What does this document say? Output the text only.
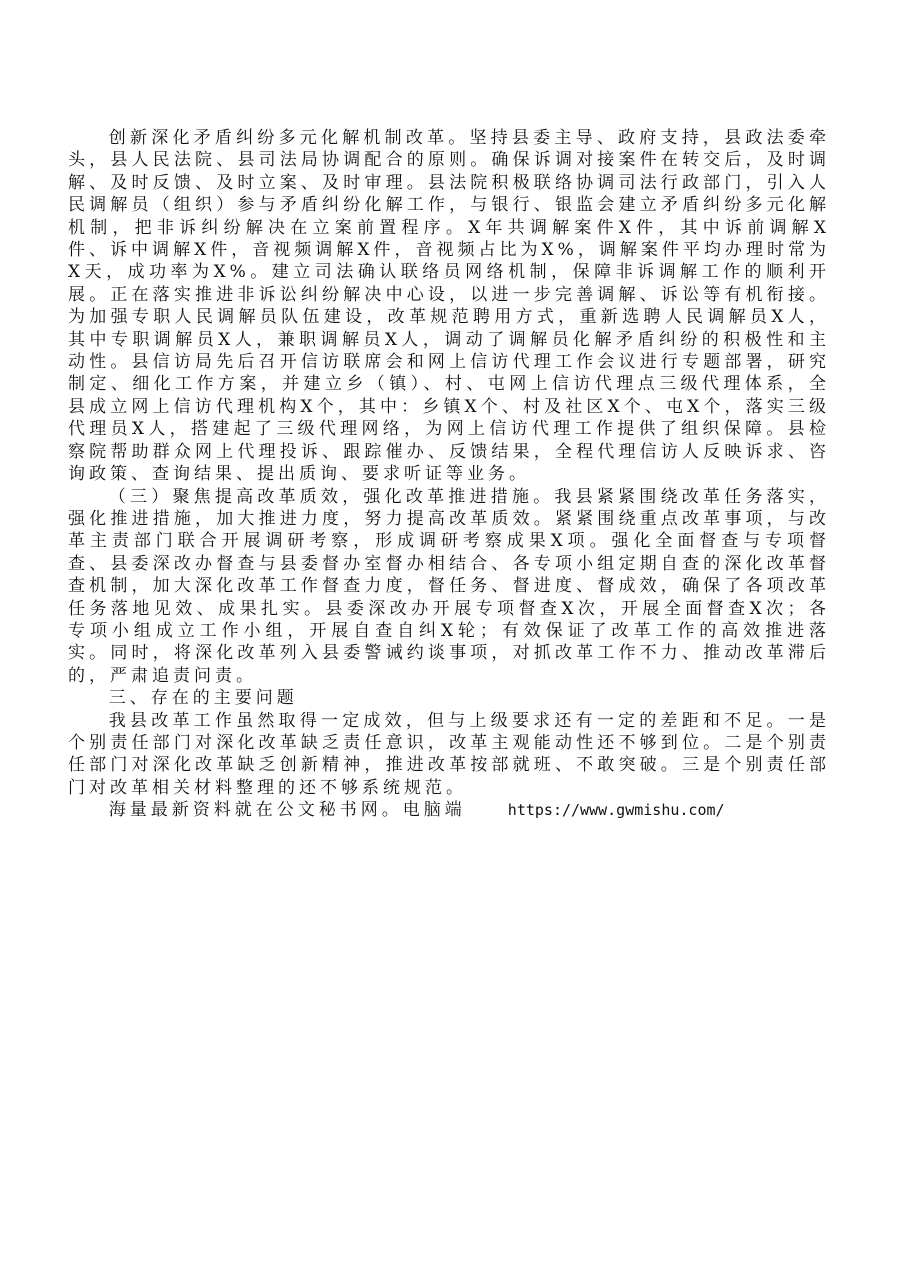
创新深化矛盾纠纷多元化解机制改革。坚持县委主导、政府支持，县政法委牵头，县人民法院、县司法局协调配合的原则。确保诉调对接案件在转交后，及时调解、及时反馈、及时立案、及时审理。县法院积极联络协调司法行政部门，引入人民调解员（组织）参与矛盾纠纷化解工作，与银行、银监会建立矛盾纠纷多元化解机制，把非诉纠纷解决在立案前置程序。X年共调解案件X件，其中诉前调解X件、诉中调解X件，音视频调解X件，音视频占比为X%，调解案件平均办理时常为X天，成功率为X%。建立司法确认联络员网络机制，保障非诉调解工作的顺利开展。正在落实推进非诉讼纠纷解决中心设，以进一步完善调解、诉讼等有机衔接。为加强专职人民调解员队伍建设，改革规范聘用方式，重新选聘人民调解员X人，其中专职调解员X人，兼职调解员X人，调动了调解员化解矛盾纠纷的积极性和主动性。县信访局先后召开信访联席会和网上信访代理工作会议进行专题部署，研究制定、细化工作方案，并建立乡（镇）、村、屯网上信访代理点三级代理体系，全县成立网上信访代理机构X个，其中：乡镇X个、村及社区X个、屯X个，落实三级代理员X人，搭建起了三级代理网络，为网上信访代理工作提供了组织保障。县检察院帮助群众网上代理投诉、跟踪催办、反馈结果，全程代理信访人反映诉求、咨询政策、查询结果、提出质询、要求听证等业务。

（三）聚焦提高改革质效，强化改革推进措施。我县紧紧围绕改革任务落实，强化推进措施，加大推进力度，努力提高改革质效。紧紧围绕重点改革事项，与改革主责部门联合开展调研考察，形成调研考察成果X项。强化全面督查与专项督查、县委深改办督查与县委督办室督办相结合、各专项小组定期自查的深化改革督查机制，加大深化改革工作督查力度，督任务、督进度、督成效，确保了各项改革任务落地见效、成果扎实。县委深改办开展专项督查X次，开展全面督查X次；各专项小组成立工作小组，开展自查自纠X轮；有效保证了改革工作的高效推进落实。同时，将深化改革列入县委警诫约谈事项，对抓改革工作不力、推动改革滞后的，严肃追责问责。

三、存在的主要问题

我县改革工作虽然取得一定成效，但与上级要求还有一定的差距和不足。一是个别责任部门对深化改革缺乏责任意识，改革主观能动性还不够到位。二是个别责任部门对深化改革缺乏创新精神，推进改革按部就班、不敢突破。三是个别责任部门对改革相关材料整理的还不够系统规范。

海量最新资料就在公文秘书网。电脑端　　	https://www.gwmishu.com/
